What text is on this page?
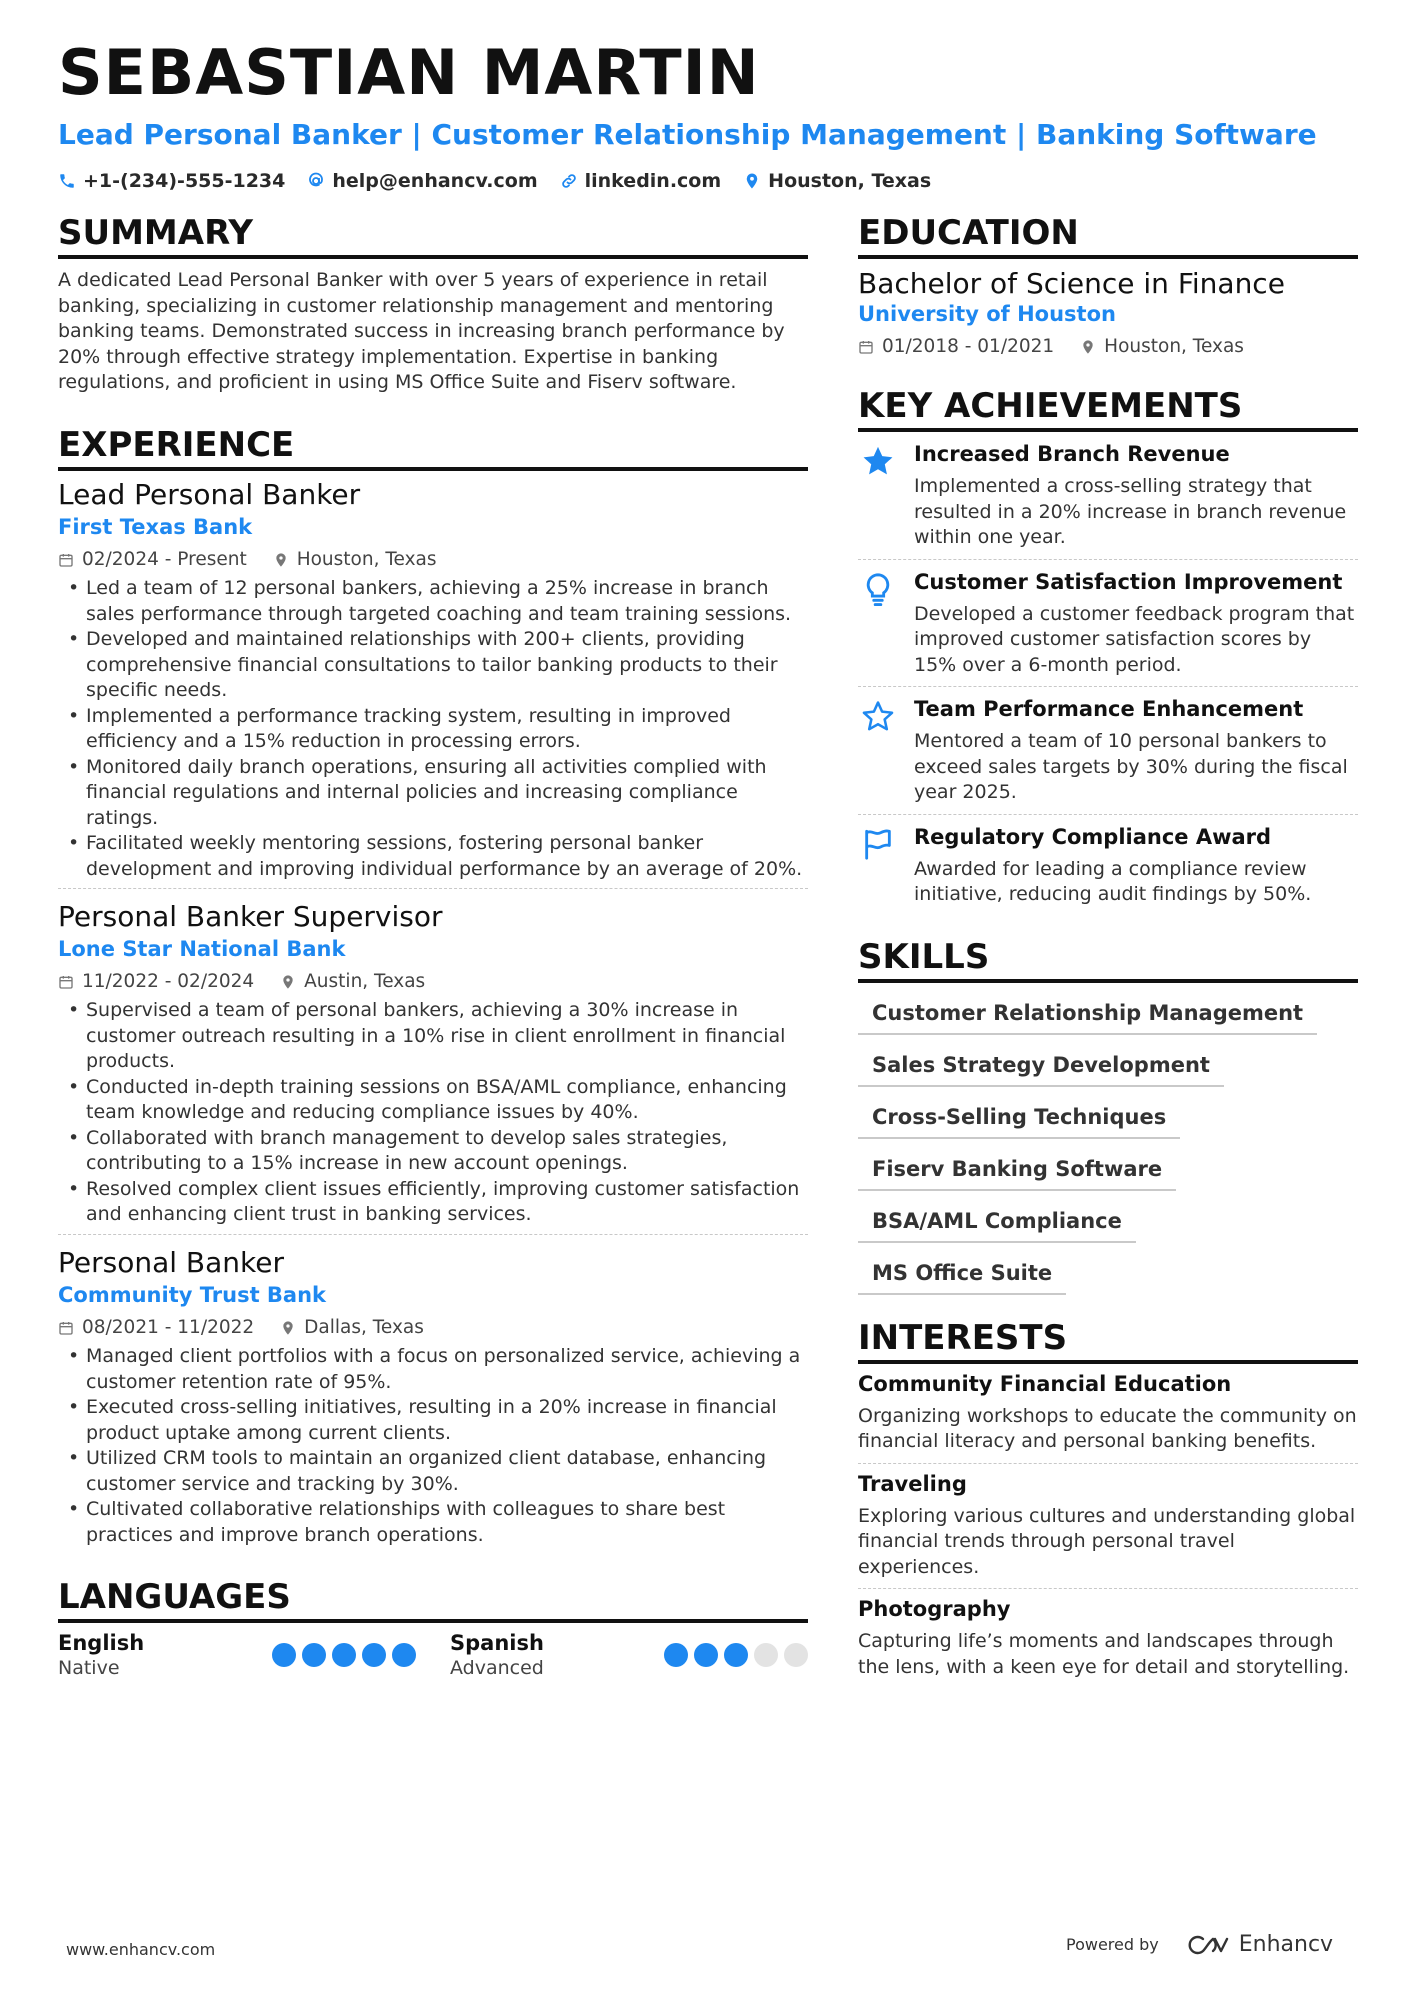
SEBASTIAN MARTIN
Lead Personal Banker | Customer Relationship Management | Banking Software
+1-(234)-555-1234 help@enhancv.com linkedin.com Houston, Texas
SUMMARY
A dedicated Lead Personal Banker with over 5 years of experience in retail banking, specializing in customer relationship management and mentoring banking teams. Demonstrated success in increasing branch performance by 20% through effective strategy implementation. Expertise in banking regulations, and proficient in using MS Office Suite and Fiserv software.
EXPERIENCE
Lead Personal Banker
First Texas Bank
02/2024 - Present	Houston, Texas
• Led a team of 12 personal bankers, achieving a 25% increase in branch sales performance through targeted coaching and team training sessions.
• Developed and maintained relationships with 200+ clients, providing comprehensive financial consultations to tailor banking products to their specific needs.
• Implemented a performance tracking system, resulting in improved efficiency and a 15% reduction in processing errors.
• Monitored daily branch operations, ensuring all activities complied with financial regulations and internal policies and increasing compliance ratings.
• Facilitated weekly mentoring sessions, fostering personal banker development and improving individual performance by an average of 20%.
Personal Banker Supervisor
Lone Star National Bank
11/2022 - 02/2024	Austin, Texas
• Supervised a team of personal bankers, achieving a 30% increase in customer outreach resulting in a 10% rise in client enrollment in financial products.
• Conducted in-depth training sessions on BSA/AML compliance, enhancing team knowledge and reducing compliance issues by 40%.
• Collaborated with branch management to develop sales strategies, contributing to a 15% increase in new account openings.
• Resolved complex client issues efficiently, improving customer satisfaction and enhancing client trust in banking services.
Personal Banker
Community Trust Bank
08/2021 - 11/2022	Dallas, Texas
• Managed client portfolios with a focus on personalized service, achieving a customer retention rate of 95%.
• Executed cross-selling initiatives, resulting in a 20% increase in financial product uptake among current clients.
• Utilized CRM tools to maintain an organized client database, enhancing customer service and tracking by 30%.
• Cultivated collaborative relationships with colleagues to share best practices and improve branch operations.
LANGUAGES
English
Native
Spanish
Advanced
EDUCATION
Bachelor of Science in Finance
University of Houston
01/2018 - 01/2021	Houston, Texas
KEY ACHIEVEMENTS
Increased Branch Revenue
Implemented a cross-selling strategy that resulted in a 20% increase in branch revenue within one year.
Customer Satisfaction Improvement
Developed a customer feedback program that improved customer satisfaction scores by 15% over a 6-month period.
Team Performance Enhancement
Mentored a team of 10 personal bankers to exceed sales targets by 30% during the fiscal year 2025.
Regulatory Compliance Award
Awarded for leading a compliance review initiative, reducing audit findings by 50%.
SKILLS
Customer Relationship Management
Sales Strategy Development
Cross-Selling Techniques
Fiserv Banking Software
BSA/AML Compliance
MS Office Suite
INTERESTS
Community Financial Education
Organizing workshops to educate the community on financial literacy and personal banking benefits.
Traveling
Exploring various cultures and understanding global financial trends through personal travel experiences.
Photography
Capturing life’s moments and landscapes through the lens, with a keen eye for detail and storytelling.
www.enhancv.com	Powered by	Enhancv
